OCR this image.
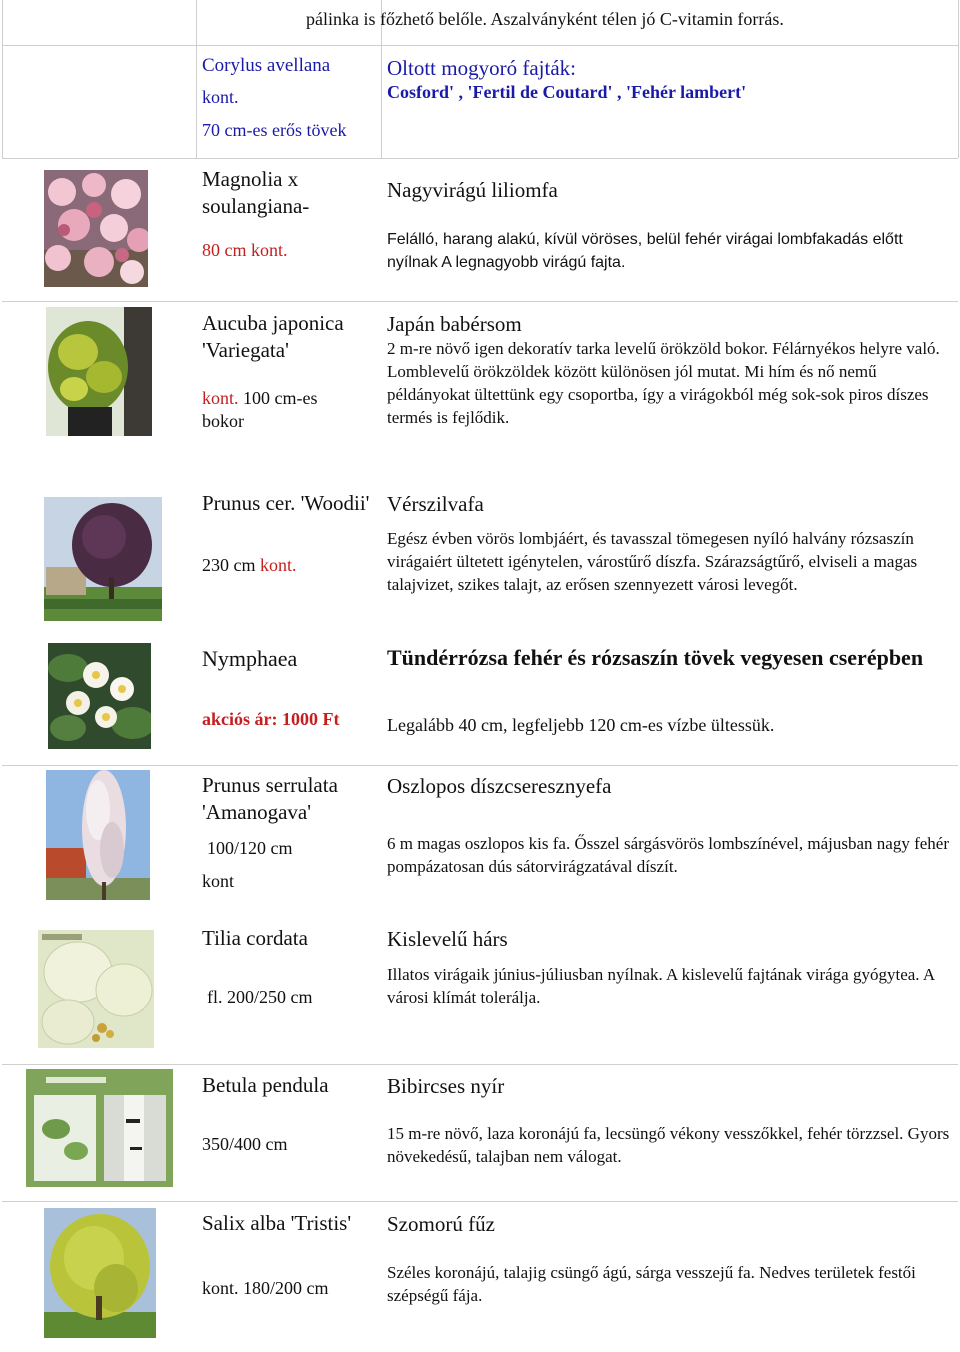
pálinka is főzhető belőle. Aszalványként télen jó C-vitamin forrás.
Corylus avellana
kont.
70 cm-es erős tövek
Oltott mogyoró fajták:
Cosford' , 'Fertil de Coutard' , 'Fehér lambert'
Magnolia x soulangiana-
80 cm kont.
Nagyvirágú liliomfa
Felálló, harang alakú, kívül vöröses, belül fehér virágai lombfakadás előtt nyílnak A legnagyobb virágú fajta.
Aucuba japonica 'Variegata'
kont. 100 cm-es bokor
Japán babérsom
2 m-re növő igen dekoratív tarka levelű örökzöld bokor. Félárnyékos helyre való. Lomblevelű örökzöldek között különösen jól mutat. Mi hím és nő nemű példányokat ültettünk egy csoportba, így a virágokból még sok-sok piros díszes termés is fejlődik.
Prunus cer. 'Woodii'
230 cm kont.
Vérszilvafa
Egész évben vörös lombjáért, és tavasszal tömegesen nyíló halvány rózsaszín virágaiért ültetett igénytelen, várostűrő díszfa. Szárazságtűrő, elviseli a magas talajvizet, szikes talajt, az erősen szennyezett városi levegőt.
Nymphaea
akciós ár: 1000 Ft
Tündérrózsa fehér és rózsaszín tövek vegyesen cserépben
Legalább 40 cm, legfeljebb 120 cm-es vízbe ültessük.
Prunus serrulata 'Amanogava'
100/120 cm
kont
Oszlopos díszcseresznyefa
6 m magas oszlopos kis fa. Ősszel sárgásvörös lombszínével, májusban nagy fehér pompázatosan dús sátorvirágzatával díszít.
Tilia cordata
fl. 200/250 cm
Kislevelű hárs
Illatos virágaik június-júliusban nyílnak. A kislevelű fajtának virága gyógytea. A városi klímát tolerálja.
Betula pendula
350/400 cm
Bibircses nyír
15 m-re növő, laza koronájú fa, lecsüngő vékony vesszőkkel, fehér törzzsel. Gyors növekedésű, talajban nem válogat.
Salix alba 'Tristis'
kont. 180/200 cm
Szomorú fűz
Széles koronájú, talajig csüngő ágú, sárga vesszejű fa. Nedves területek festői szépségű fája.
